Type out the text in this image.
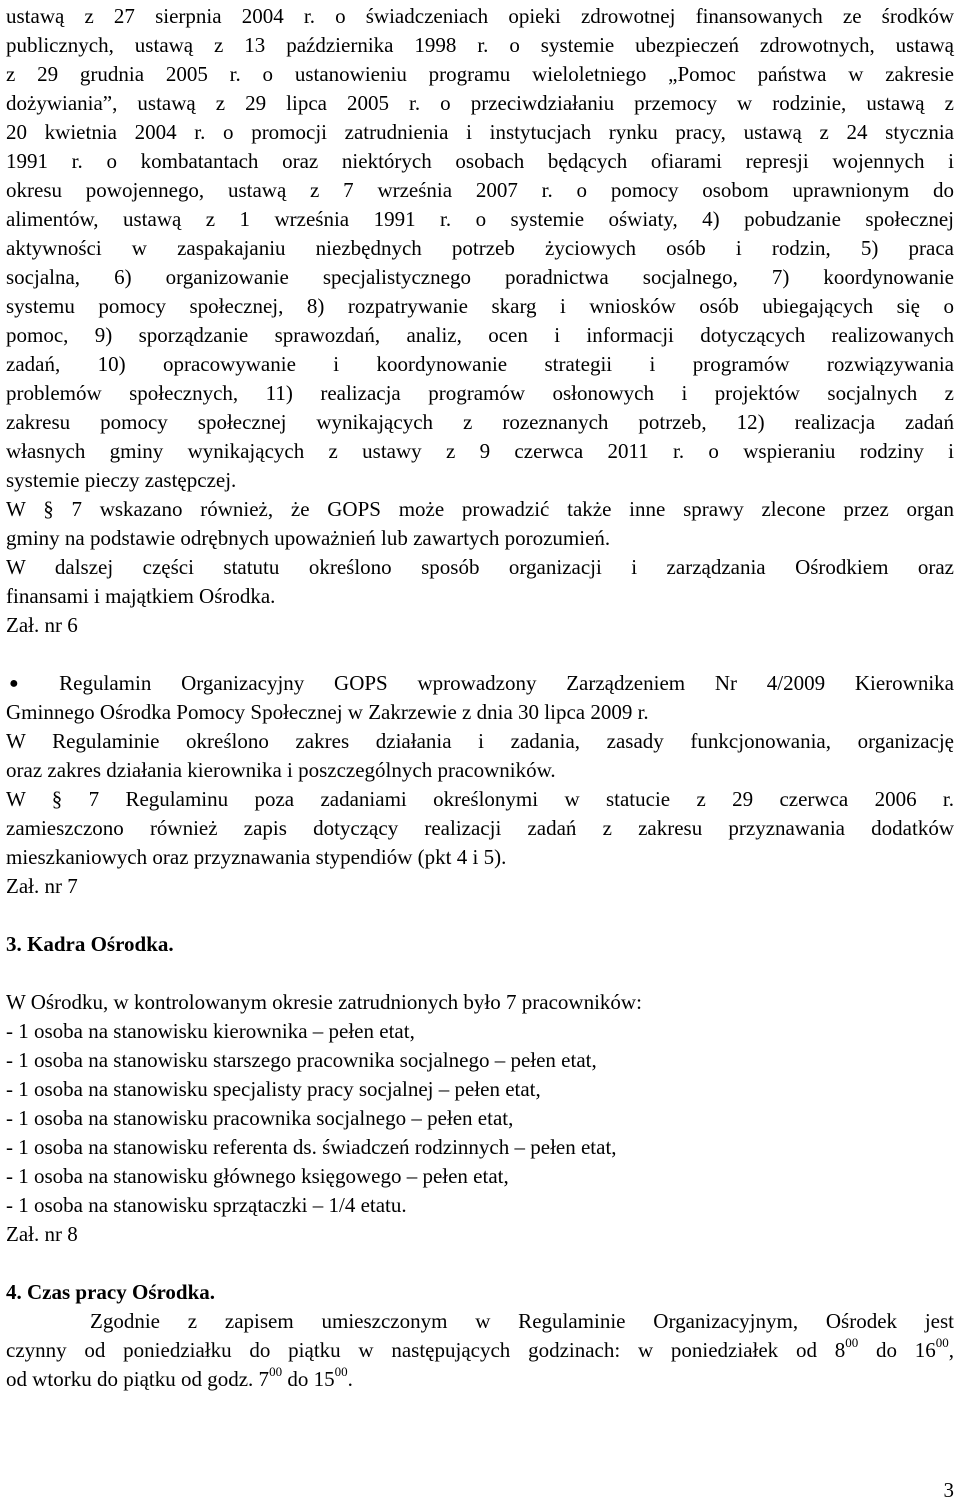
ustawą z 27 sierpnia 2004 r. o świadczeniach opieki zdrowotnej finansowanych ze środków
publicznych, ustawą z 13 października 1998 r. o systemie ubezpieczeń zdrowotnych, ustawą
z 29 grudnia 2005 r. o ustanowieniu programu wieloletniego „Pomoc państwa w zakresie
dożywiania”, ustawą z 29 lipca 2005 r. o przeciwdziałaniu przemocy w rodzinie, ustawą z
20 kwietnia 2004 r. o promocji zatrudnienia i instytucjach rynku pracy, ustawą z 24 stycznia
1991 r. o kombatantach oraz niektórych osobach będących ofiarami represji wojennych i
okresu powojennego, ustawą z 7 września 2007 r. o pomocy osobom uprawnionym do
alimentów, ustawą z 1 września 1991 r. o systemie oświaty, 4) pobudzanie społecznej
aktywności w zaspakajaniu niezbędnych potrzeb życiowych osób i rodzin, 5) praca
socjalna, 6) organizowanie specjalistycznego poradnictwa socjalnego, 7) koordynowanie
systemu pomocy społecznej, 8) rozpatrywanie skarg i wniosków osób ubiegających się o
pomoc, 9) sporządzanie sprawozdań, analiz, ocen i informacji dotyczących realizowanych
zadań, 10) opracowywanie i koordynowanie strategii i programów rozwiązywania
problemów społecznych, 11) realizacja programów osłonowych i projektów socjalnych z
zakresu pomocy społecznej wynikających z rozeznanych potrzeb, 12) realizacja zadań
własnych gminy wynikających z ustawy z 9 czerwca 2011 r. o wspieraniu rodziny i
systemie pieczy zastępczej.
W § 7 wskazano również, że GOPS może prowadzić także inne sprawy zlecone przez organ
gminy na podstawie odrębnych upoważnień lub zawartych porozumień.
W dalszej części statutu określono sposób organizacji i zarządzania Ośrodkiem oraz
finansami i majątkiem Ośrodka.
Zał. nr 6
● Regulamin Organizacyjny GOPS wprowadzony Zarządzeniem Nr 4/2009 Kierownika
Gminnego Ośrodka Pomocy Społecznej w Zakrzewie z dnia 30 lipca 2009 r.
W Regulaminie określono zakres działania i zadania, zasady funkcjonowania, organizację
oraz zakres działania kierownika i poszczególnych pracowników.
W § 7 Regulaminu poza zadaniami określonymi w statucie z 29 czerwca 2006 r.
zamieszczono również zapis dotyczący realizacji zadań z zakresu przyznawania dodatków
mieszkaniowych oraz przyznawania stypendiów (pkt 4 i 5).
Zał. nr 7
3. Kadra Ośrodka.
W Ośrodku, w kontrolowanym okresie zatrudnionych było 7 pracowników:
- 1 osoba na stanowisku kierownika – pełen etat,
- 1 osoba na stanowisku starszego pracownika socjalnego – pełen etat,
- 1 osoba na stanowisku specjalisty pracy socjalnej – pełen etat,
- 1 osoba na stanowisku pracownika socjalnego – pełen etat,
- 1 osoba na stanowisku referenta ds. świadczeń rodzinnych – pełen etat,
- 1 osoba na stanowisku głównego księgowego – pełen etat,
- 1 osoba na stanowisku sprzątaczki – 1/4 etatu.
Zał. nr 8
4. Czas pracy Ośrodka.
Zgodnie z zapisem umieszczonym w Regulaminie Organizacyjnym, Ośrodek jest
czynny od poniedziałku do piątku w następujących godzinach: w poniedziałek od $8^{00}$ do $16^{00}$,
od wtorku do piątku od godz. $7^{00}$ do $15^{00}$.
3
